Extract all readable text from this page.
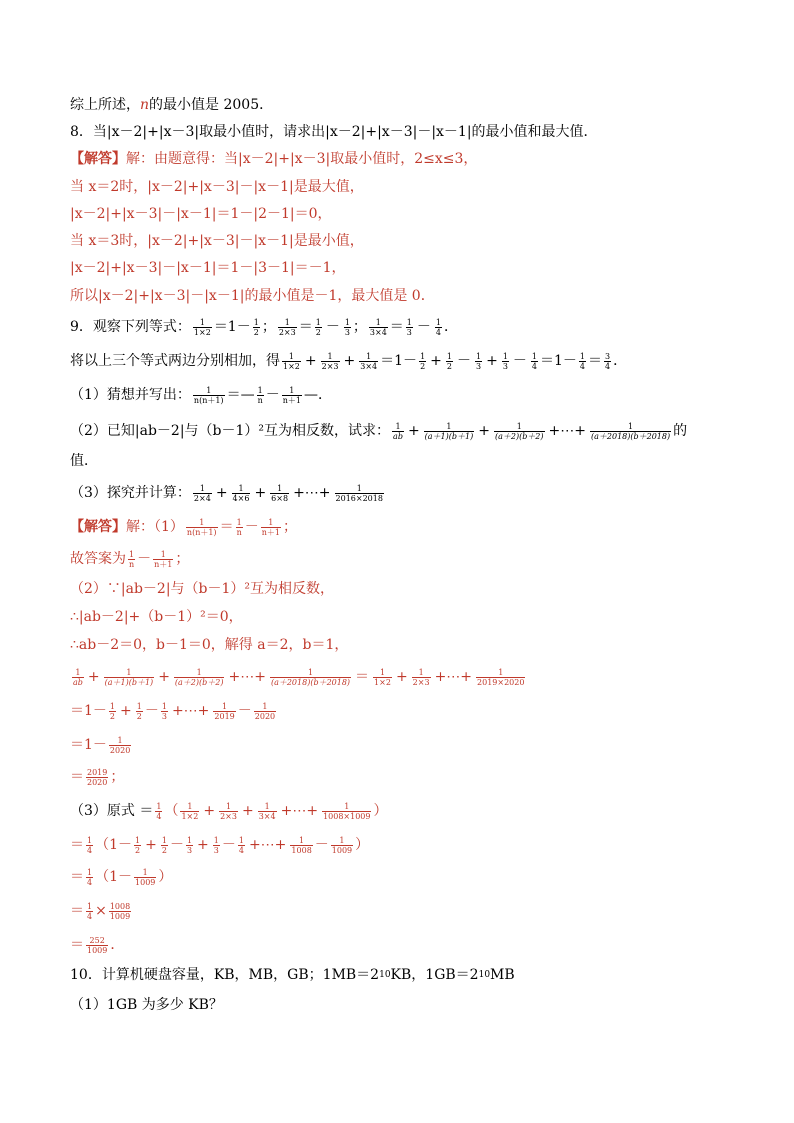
综上所述， n 的最小值是 2005．
8．当|x－2|+|x－3|取最小值时，请求出|x－2|+|x－3|－|x－1|的最小值和最大值．
【解答】 解：由题意得：当|x－2|+|x－3|取最小值时，2≤x≤3，
当 x＝2时，|x－2|+|x－3|－|x－1|是最大值，
|x－2|+|x－3|－|x－1|＝1－|2－1|＝0，
当 x＝3时，|x－2|+|x－3|－|x－1|是最小值，
|x－2|+|x－3|－|x－1|＝1－|3－1|＝－1，
所以|x－2|+|x－3|－|x－1|的最小值是－1，最大值是 0．
9．观察下列等式： $\frac{1}{1\times 2} =1- \frac{1}{2}$ ； $\frac{1}{2\times 3} = \frac{1}{2} - \frac{1}{3}$ ； $\frac{1}{3\times 4} = \frac{1}{3} - \frac{1}{4}$ ．
将以上三个等式两边分别相加，得 $\frac{1}{1\times 2} + \frac{1}{2\times 3} + \frac{1}{3\times 4} =1- \frac{1}{2} + \frac{1}{2} - \frac{1}{3} + \frac{1}{3} - \frac{1}{4} =1- \frac{1}{4} = \frac{3}{4}$ ．
（1）猜想并写出： $\frac{1}{n(n+1)}$ ＝ — $\frac{1}{n} - \frac{1}{n+1}$ — ．
（2）已知|ab－2|与（b－1）²互为相反数，试求： $\frac{1}{ab} + \frac{1}{(a+1)(b+1)} + \frac{1}{(a+2)(b+2)}$ +⋯+ $\frac{1}{(a+2018)(b+2018)}$ 的
值．
（3）探究并计算： $\frac{1}{2\times 4} + \frac{1}{4\times 6} + \frac{1}{6\times 8}$ +⋯+ $\frac{1}{2016\times 2018}$
【解答】 解：$(1) \frac{1}{n(n+1)} = \frac{1}{n} - \frac{1}{n+1}$ ；
故答案为 $\frac{1}{n} - \frac{1}{n+1}$ ；
（2）∵|ab－2|与（b－1）²互为相反数，
∴|ab－2|+（b－1）²＝0，
∴ab－2＝0，b－1＝0，解得 a＝2，b＝1，
$\frac{1}{ab} + \frac{1}{(a+1)(b+1)} + \frac{1}{(a+2)(b+2)}$ +⋯+ $\frac{1}{(a+2018)(b+2018)} = \frac{1}{1\times 2} + \frac{1}{2\times 3}$ +⋯+ $\frac{1}{2019\times 2020}$
$=1- \frac{1}{2} + \frac{1}{2} - \frac{1}{3}$ +⋯+ $\frac{1}{2019} - \frac{1}{2020}$
$=1- \frac{1}{2020}$
＝ $\frac{2019}{2020}$ ；
（3）原式 ＝ $\frac{1}{4}$ （ $\frac{1}{1\times 2} + \frac{1}{2\times 3} + \frac{1}{3\times 4}$ +⋯+ $\frac{1}{1008\times 1009}$ ）
＝ $\frac{1}{4} (1- \frac{1}{2} + \frac{1}{2} - \frac{1}{3} + \frac{1}{3} - \frac{1}{4}$ +⋯+ $\frac{1}{1008} - \frac{1}{1009}$ ）
＝ $\frac{1}{4} (1- \frac{1}{1009}$ ）
＝ $\frac{1}{4} \times \frac{1008}{1009}$
＝ $\frac{252}{1009}$ ．
10．计算机硬盘容量，KB，MB，GB；1MB＝2 10 KB，1GB＝2 10 MB
（1）1GB 为多少 KB？
